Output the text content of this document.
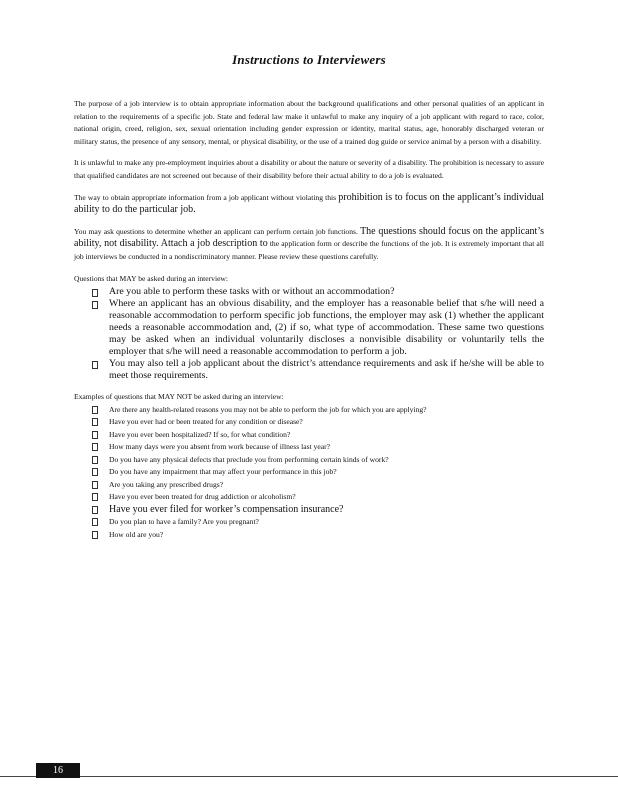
Instructions to Interviewers

The purpose of a job interview is to obtain appropriate information about the background qualifications and other personal qualities of an applicant in relation to the requirements of a specific job. State and federal law make it unlawful to make any inquiry of a job applicant with regard to race, color, national origin, creed, religion, sex, sexual orientation including gender expression or identity, marital status, age, honorably discharged veteran or military status, the presence of any sensory, mental, or physical disability, or the use of a trained dog guide or service animal by a person with a disability.

It is unlawful to make any pre-employment inquiries about a disability or about the nature or severity of a disability. The prohibition is necessary to assure that qualified candidates are not screened out because of their disability before their actual ability to do a job is evaluated.

The way to obtain appropriate information from a job applicant without violating this prohibition is to focus on the applicant’s individual ability to do the particular job.

You may ask questions to determine whether an applicant can perform certain job functions. The questions should focus on the applicant’s ability, not disability. Attach a job description to the application form or describe the functions of the job. It is extremely important that all job interviews be conducted in a nondiscriminatory manner. Please review these questions carefully.

Questions that MAY be asked during an interview:
Are you able to perform these tasks with or without an accommodation?
Where an applicant has an obvious disability, and the employer has a reasonable belief that s/he will need a reasonable accommodation to perform specific job functions, the employer may ask (1) whether the applicant needs a reasonable accommodation and, (2) if so, what type of accommodation. These same two questions may be asked when an individual voluntarily discloses a nonvisible disability or voluntarily tells the employer that s/he will need a reasonable accommodation to perform a job.
You may also tell a job applicant about the district’s attendance requirements and ask if he/she will be able to meet those requirements.
Examples of questions that MAY NOT be asked during an interview:
Are there any health-related reasons you may not be able to perform the job for which you are applying?
Have you ever had or been treated for any condition or disease?
Have you ever been hospitalized? If so, for what condition?
How many days were you absent from work because of illness last year?
Do you have any physical defects that preclude you from performing certain kinds of work?
Do you have any impairment that may affect your performance in this job?
Are you taking any prescribed drugs?
Have you ever been treated for drug addiction or alcoholism?
Have you ever filed for worker’s compensation insurance?
Do you plan to have a family? Are you pregnant?
How old are you?
16
